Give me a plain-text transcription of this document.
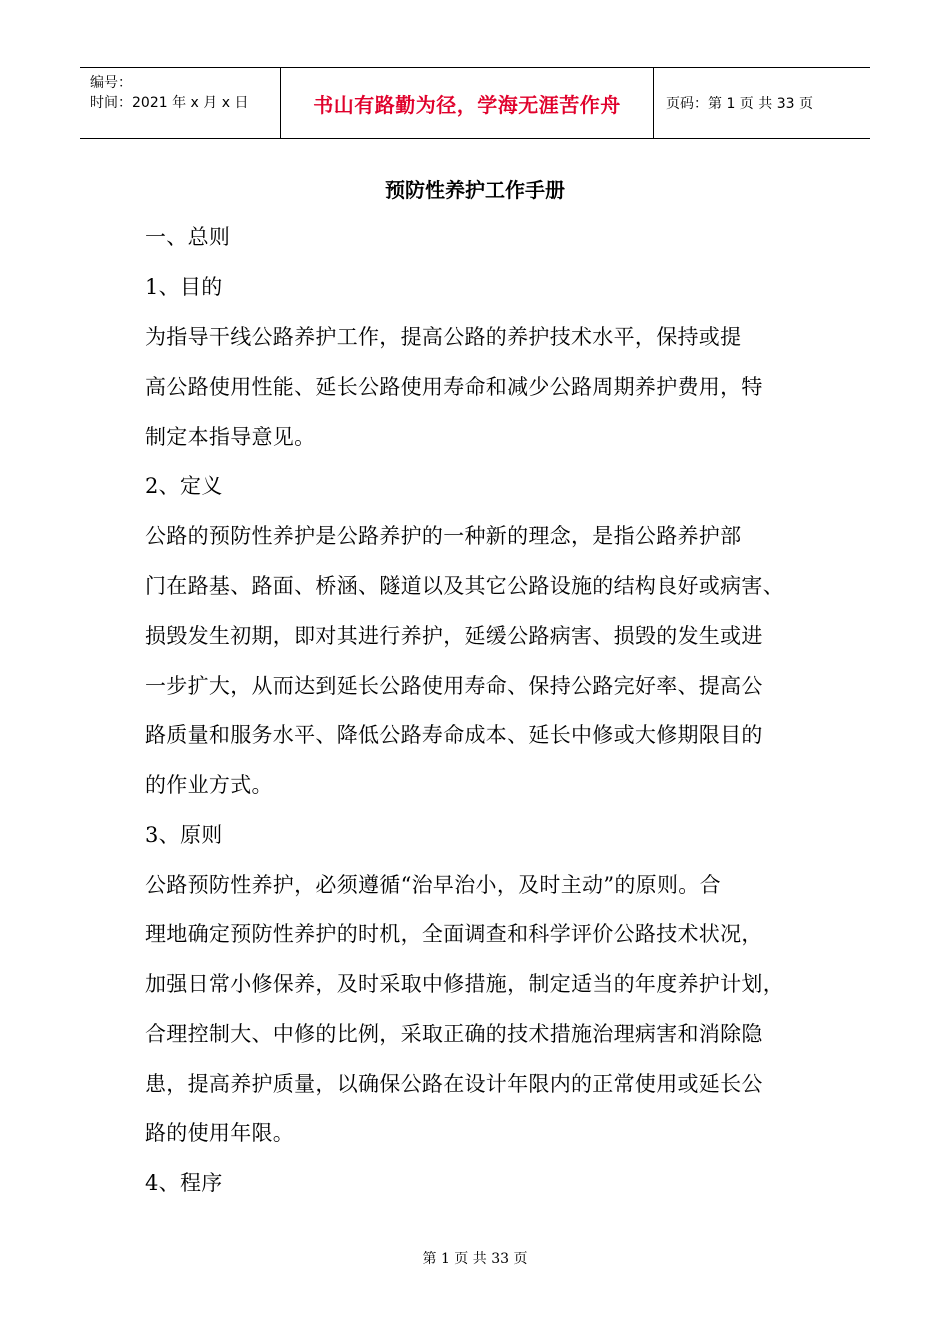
编号：
时间：2021 年 x 月 x 日	书山有路勤为径，学海无涯苦作舟	页码：第 1 页 共 33 页
预防性养护工作手册
一、总则
1、目的
为指导干线公路养护工作，提高公路的养护技术水平，保持或提
高公路使用性能、延长公路使用寿命和减少公路周期养护费用，特
制定本指导意见。
2、定义
公路的预防性养护是公路养护的一种新的理念，是指公路养护部
门在路基、路面、桥涵、隧道以及其它公路设施的结构良好或病害、
损毁发生初期，即对其进行养护，延缓公路病害、损毁的发生或进
一步扩大，从而达到延长公路使用寿命、保持公路完好率、提高公
路质量和服务水平、降低公路寿命成本、延长中修或大修期限目的
的作业方式。
3、原则
公路预防性养护，必须遵循“治早治小，及时主动”的原则。合
理地确定预防性养护的时机，全面调查和科学评价公路技术状况，
加强日常小修保养，及时采取中修措施，制定适当的年度养护计划，
合理控制大、中修的比例，采取正确的技术措施治理病害和消除隐
患，提高养护质量，以确保公路在设计年限内的正常使用或延长公
路的使用年限。
4、程序
第 1 页 共 33 页
